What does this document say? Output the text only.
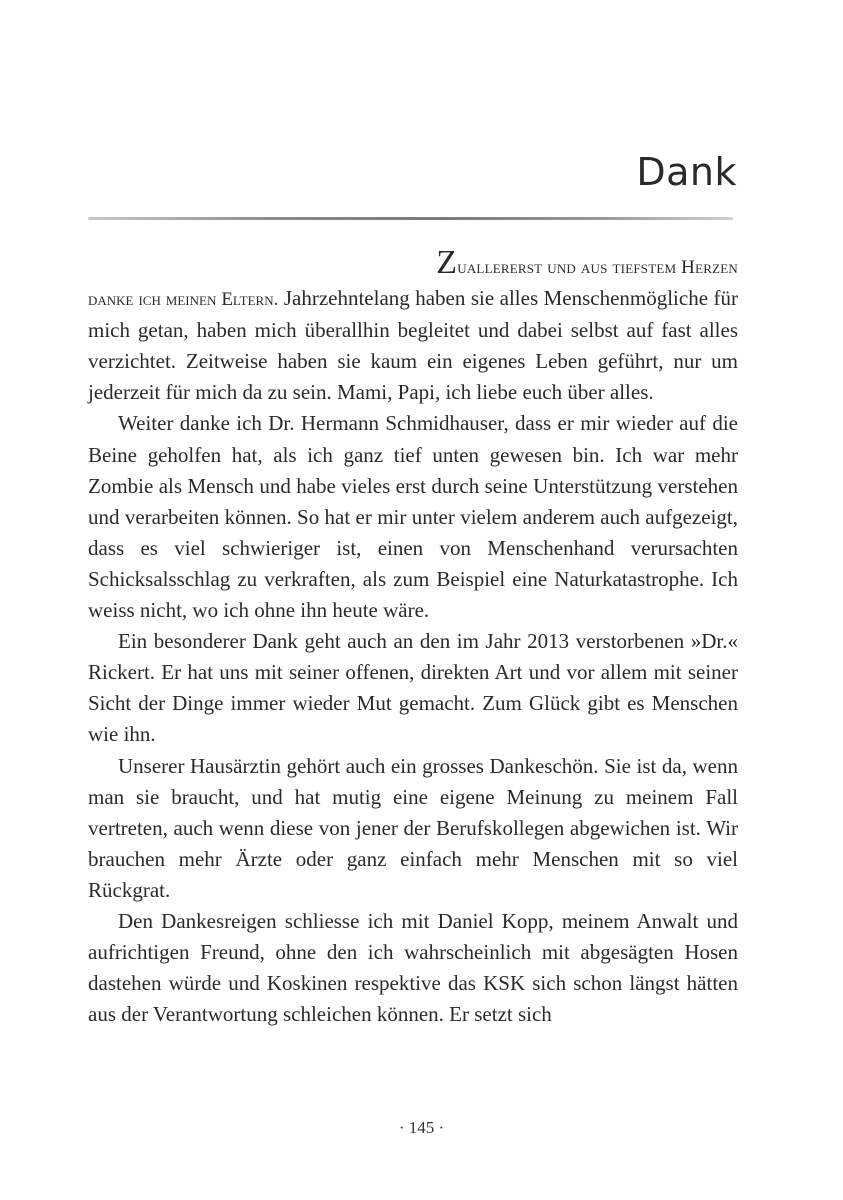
Dank
Zuallererst und aus tiefstem Herzen

danke ich meinen Eltern. Jahrzehntelang haben sie alles Menschenmögliche für mich getan, haben mich überallhin begleitet und dabei selbst auf fast alles verzichtet. Zeitweise haben sie kaum ein eigenes Leben geführt, nur um jederzeit für mich da zu sein. Mami, Papi, ich liebe euch über alles.

Weiter danke ich Dr. Hermann Schmidhauser, dass er mir wieder auf die Beine geholfen hat, als ich ganz tief unten gewesen bin. Ich war mehr Zombie als Mensch und habe vieles erst durch seine Unterstützung verstehen und verarbeiten können. So hat er mir unter vielem anderem auch aufgezeigt, dass es viel schwieriger ist, einen von Menschenhand verursachten Schicksalsschlag zu verkraften, als zum Beispiel eine Naturkatastrophe. Ich weiss nicht, wo ich ohne ihn heute wäre.

Ein besonderer Dank geht auch an den im Jahr 2013 verstorbenen »Dr.« Rickert. Er hat uns mit seiner offenen, direkten Art und vor allem mit seiner Sicht der Dinge immer wieder Mut gemacht. Zum Glück gibt es Menschen wie ihn.

Unserer Hausärztin gehört auch ein grosses Dankeschön. Sie ist da, wenn man sie braucht, und hat mutig eine eigene Meinung zu meinem Fall vertreten, auch wenn diese von jener der Berufskollegen abgewichen ist. Wir brauchen mehr Ärzte oder ganz einfach mehr Menschen mit so viel Rückgrat.

Den Dankesreigen schliesse ich mit Daniel Kopp, meinem Anwalt und aufrichtigen Freund, ohne den ich wahrscheinlich mit abgesägten Hosen dastehen würde und Koskinen respektive das KSK sich schon längst hätten aus der Verantwortung schleichen können. Er setzt sich

· 145 ·
